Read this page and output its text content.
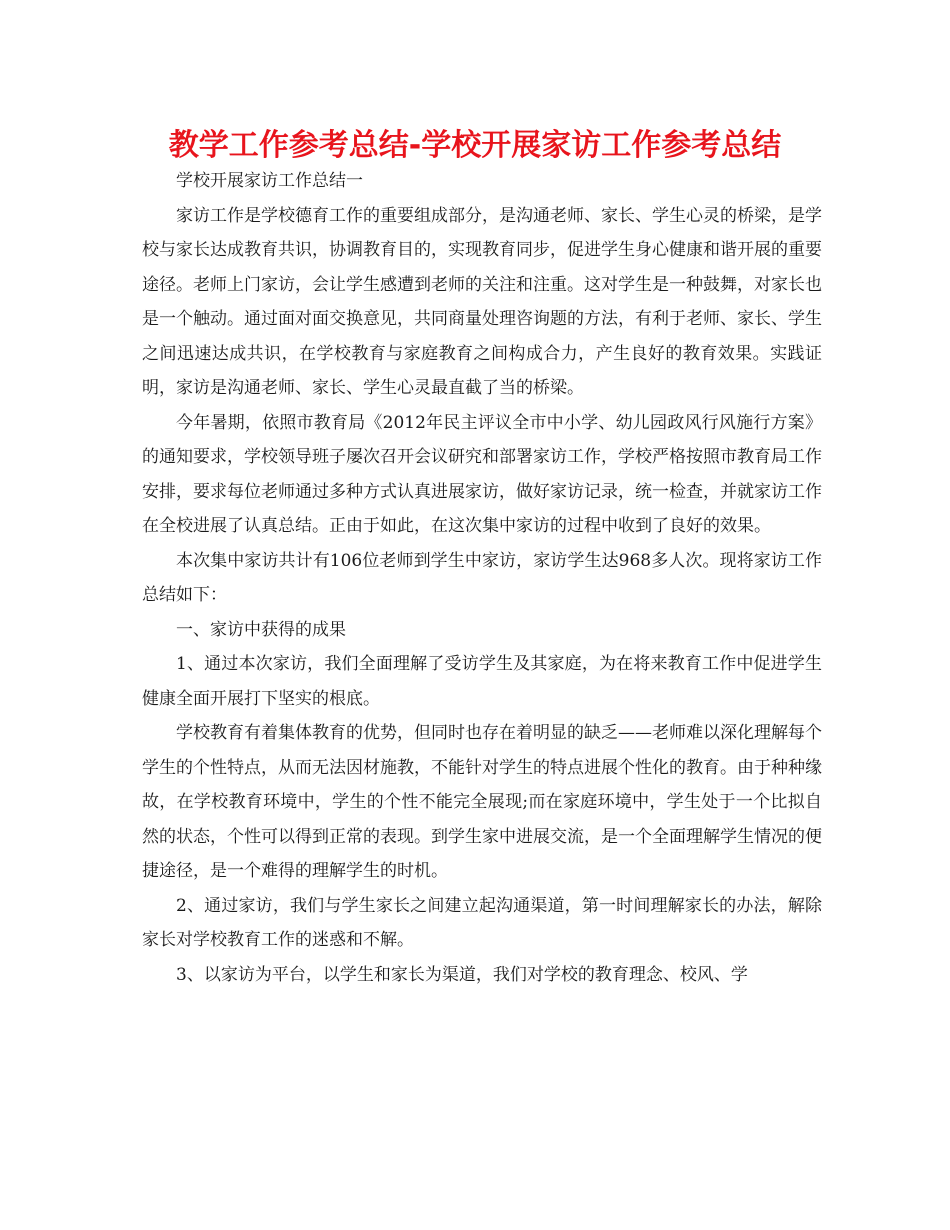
教学工作参考总结-学校开展家访工作参考总结

学校开展家访工作总结一

家访工作是学校德育工作的重要组成部分，是沟通老师、家长、学生心灵的桥梁，是学校与家长达成教育共识，协调教育目的，实现教育同步，促进学生身心健康和谐开展的重要途径。老师上门家访，会让学生感遭到老师的关注和注重。这对学生是一种鼓舞，对家长也是一个触动。通过面对面交换意见，共同商量处理咨询题的方法，有利于老师、家长、学生之间迅速达成共识，在学校教育与家庭教育之间构成合力，产生良好的教育效果。实践证明，家访是沟通老师、家长、学生心灵最直截了当的桥梁。

今年暑期，依照市教育局《2012年民主评议全市中小学、幼儿园政风行风施行方案》的通知要求，学校领导班子屡次召开会议研究和部署家访工作，学校严格按照市教育局工作安排，要求每位老师通过多种方式认真进展家访，做好家访记录，统一检查，并就家访工作在全校进展了认真总结。正由于如此，在这次集中家访的过程中收到了良好的效果。

本次集中家访共计有106位老师到学生中家访，家访学生达968多人次。现将家访工作总结如下：

一、家访中获得的成果

1、通过本次家访，我们全面理解了受访学生及其家庭，为在将来教育工作中促进学生健康全面开展打下坚实的根底。

学校教育有着集体教育的优势，但同时也存在着明显的缺乏——老师难以深化理解每个学生的个性特点，从而无法因材施教，不能针对学生的特点进展个性化的教育。由于种种缘故，在学校教育环境中，学生的个性不能完全展现;而在家庭环境中，学生处于一个比拟自然的状态，个性可以得到正常的表现。到学生家中进展交流，是一个全面理解学生情况的便捷途径，是一个难得的理解学生的时机。

2、通过家访，我们与学生家长之间建立起沟通渠道，第一时间理解家长的办法，解除家长对学校教育工作的迷惑和不解。

3、以家访为平台，以学生和家长为渠道，我们对学校的教育理念、校风、学
